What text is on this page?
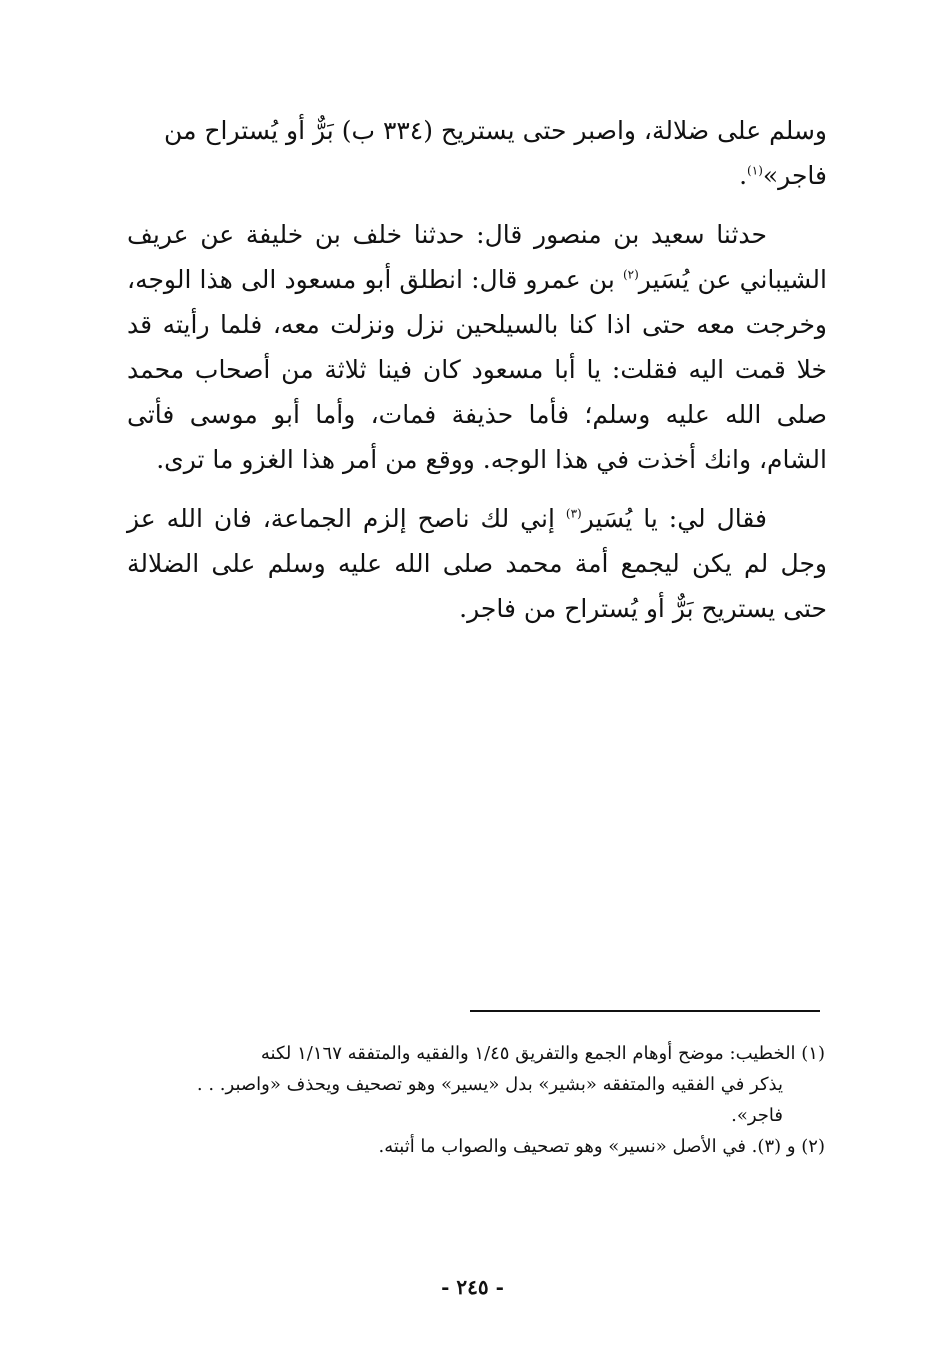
وسلم على ضلالة، واصبر حتى يستريح (٣٣٤ ب) بَرٌّ أو يُستراح من
فاجر»$^{(١)}$.

حدثنا سعيد بن منصور قال: حدثنا خلف بن خليفة عن عريف الشيباني عن يُسَير$^{(٢)}$ بن عمرو قال: انطلق أبو مسعود الى هذا الوجه، وخرجت معه حتى اذا كنا بالسيلحين نزل ونزلت معه، فلما رأيته قد خلا قمت اليه فقلت: يا أبا مسعود كان فينا ثلاثة من أصحاب محمد صلى الله عليه وسلم؛ فأما حذيفة فمات، وأما أبو موسى فأتى الشام، وانك أخذت في هذا الوجه. ووقع من أمر هذا الغزو ما ترى.

فقال لي: يا يُسَير$^{(٣)}$ إني لك ناصح إلزم الجماعة، فان الله عز وجل لم يكن ليجمع أمة محمد صلى الله عليه وسلم على الضلالة حتى يستريح بَرٌّ أو يُستراح من فاجر.

(١) الخطيب: موضح أوهام الجمع والتفريق ١/٤٥ والفقيه والمتفقه ١/١٦٧ لكنه

يذكر في الفقيه والمتفقه «بشير» بدل «يسير» وهو تصحيف ويحذف «واصبر. . .

فاجر».

(٢) و (٣). في الأصل «نسير» وهو تصحيف والصواب ما أثبته.

- ٢٤٥ -
